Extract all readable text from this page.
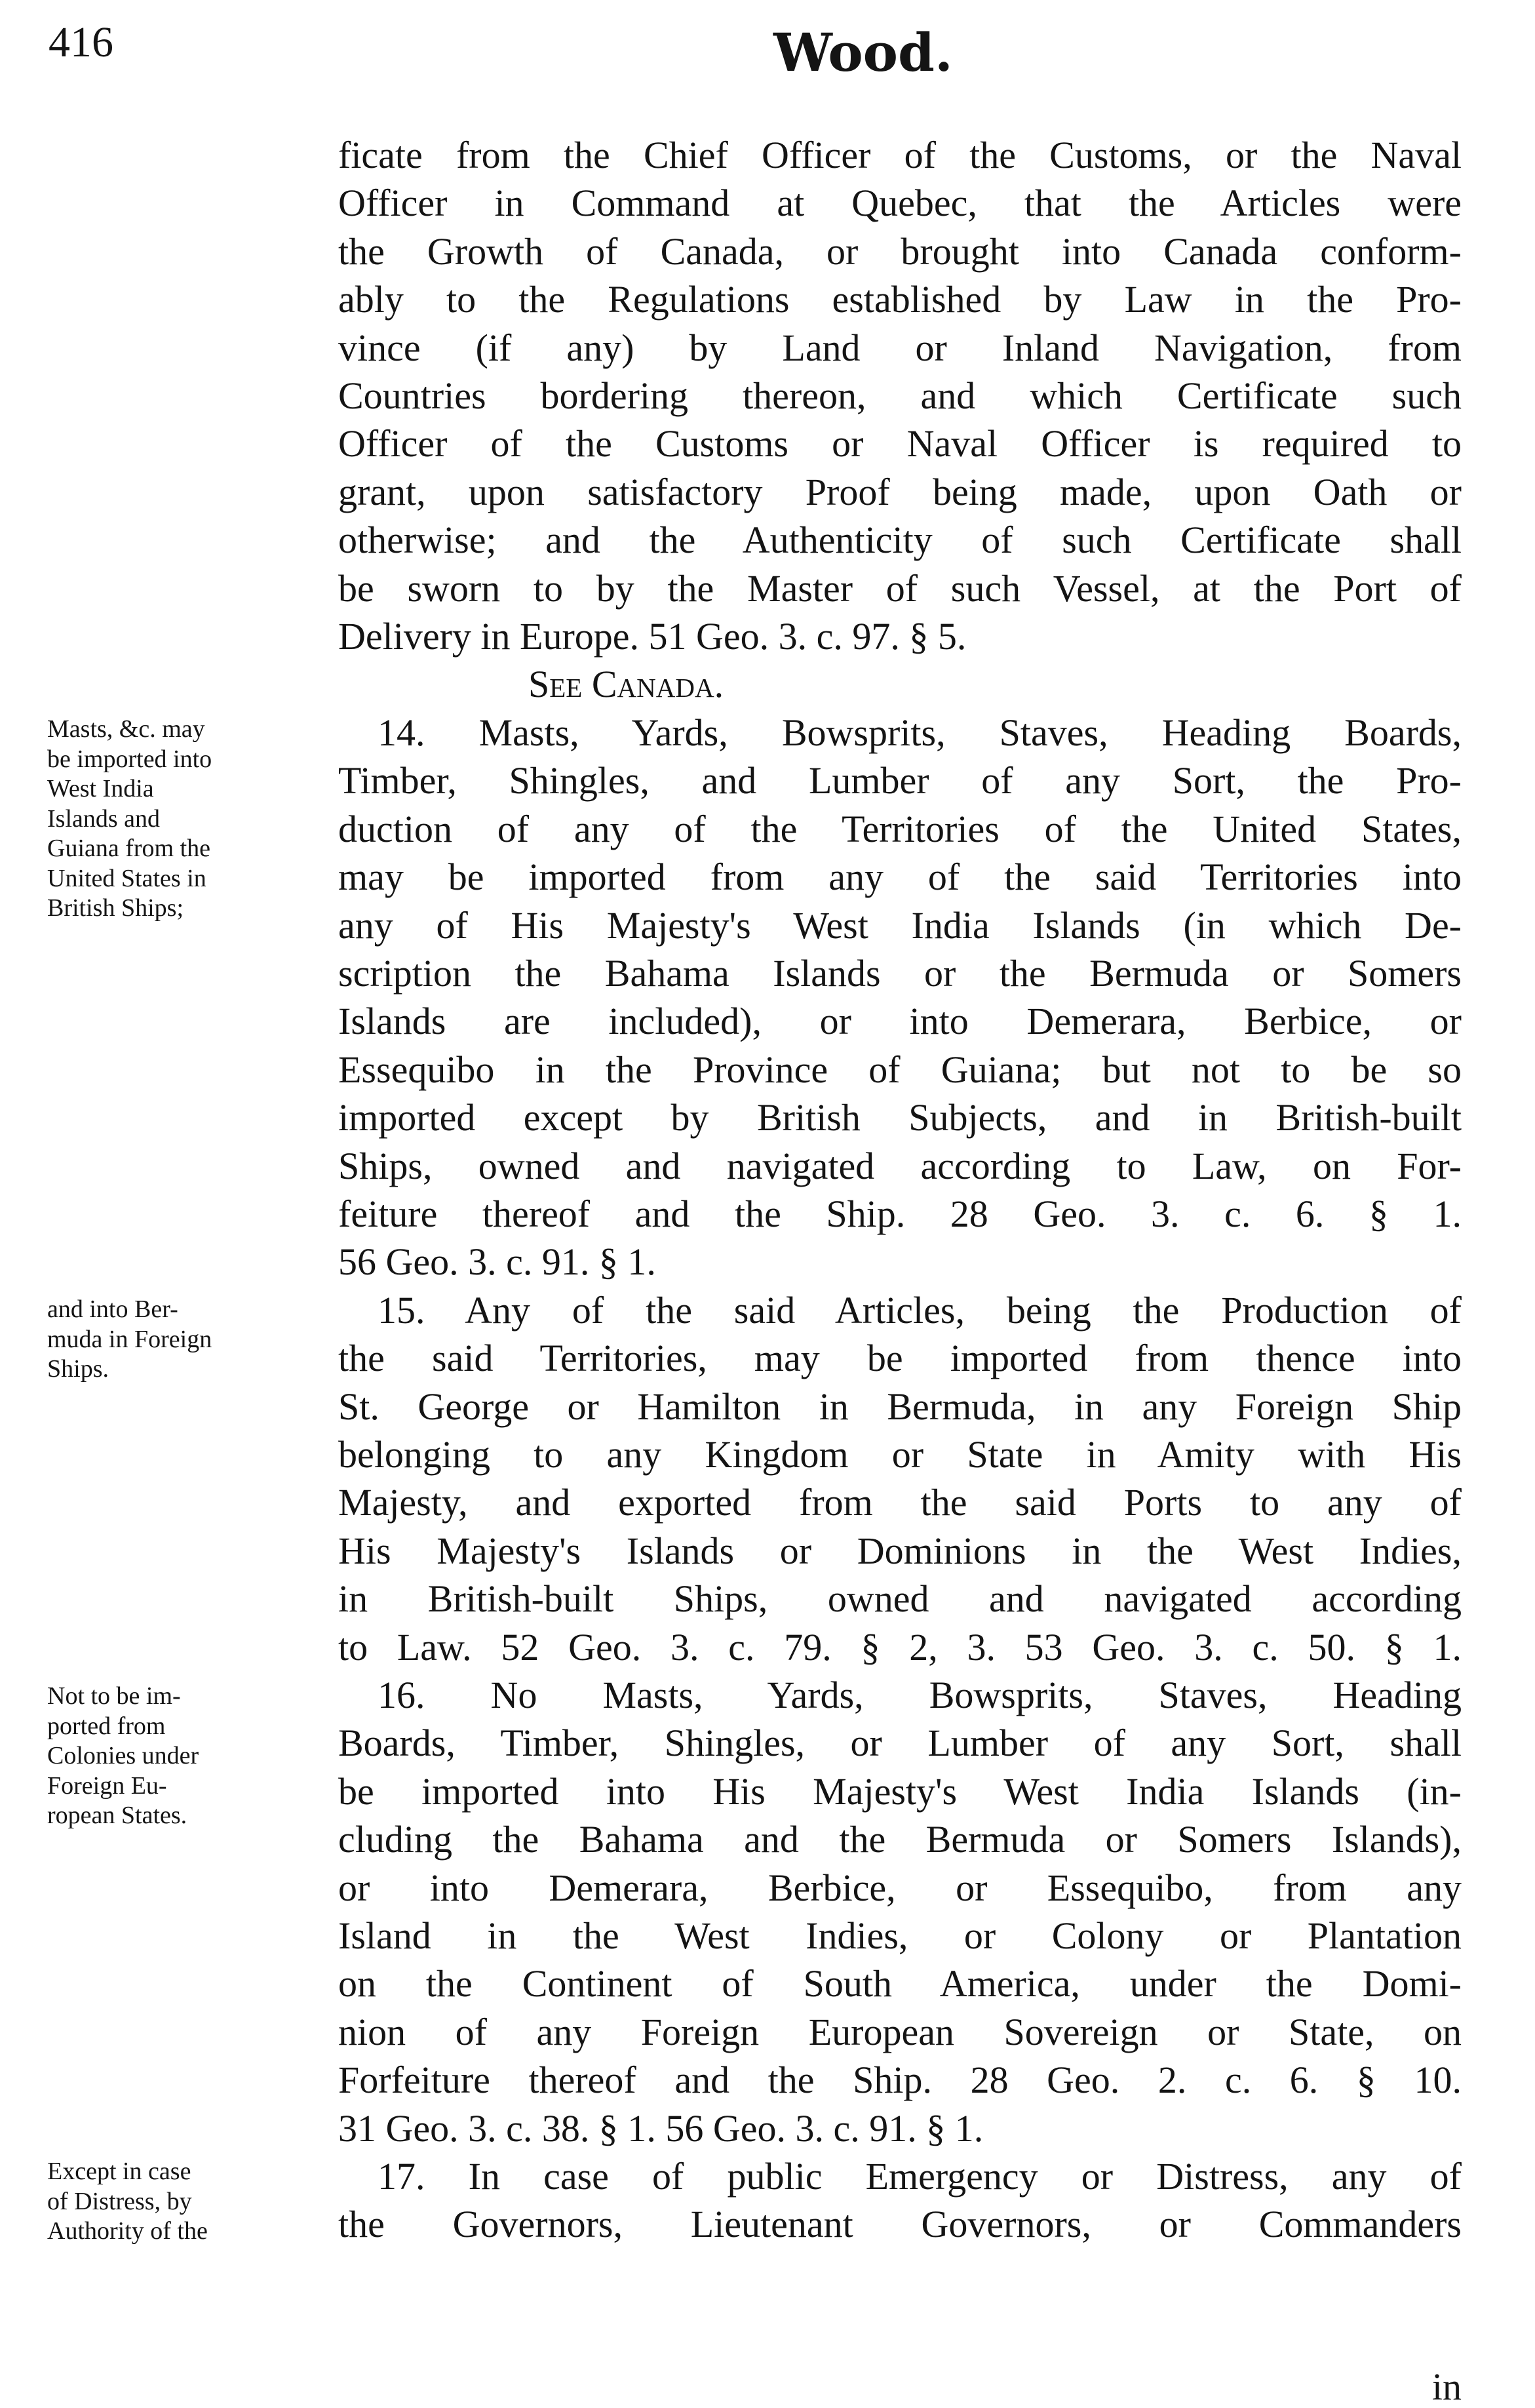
416	Wood.
ficate from the Chief Officer of the Customs, or the Naval
Officer in Command at Quebec, that the Articles were
the Growth of Canada, or brought into Canada conform-
ably to the Regulations established by Law in the Pro-
vince (if any) by Land or Inland Navigation, from
Countries bordering thereon, and which Certificate such
Officer of the Customs or Naval Officer is required to
grant, upon satisfactory Proof being made, upon Oath or
otherwise; and the Authenticity of such Certificate shall
be sworn to by the Master of such Vessel, at the Port of
Delivery in Europe. 51 Geo. 3. c. 97. § 5.
See Canada.
14. Masts, Yards, Bowsprits, Staves, Heading Boards,
Timber, Shingles, and Lumber of any Sort, the Pro-
duction of any of the Territories of the United States,
may be imported from any of the said Territories into
any of His Majesty's West India Islands (in which De-
scription the Bahama Islands or the Bermuda or Somers
Islands are included), or into Demerara, Berbice, or
Essequibo in the Province of Guiana; but not to be so
imported except by British Subjects, and in British-built
Ships, owned and navigated according to Law, on For-
feiture thereof and the Ship. 28 Geo. 3. c. 6. § 1.
56 Geo. 3. c. 91. § 1.
15. Any of the said Articles, being the Production of
the said Territories, may be imported from thence into
St. George or Hamilton in Bermuda, in any Foreign Ship
belonging to any Kingdom or State in Amity with His
Majesty, and exported from the said Ports to any of
His Majesty's Islands or Dominions in the West Indies,
in British-built Ships, owned and navigated according
to Law. 52 Geo. 3. c. 79. § 2, 3. 53 Geo. 3. c. 50. § 1.
16. No Masts, Yards, Bowsprits, Staves, Heading
Boards, Timber, Shingles, or Lumber of any Sort, shall
be imported into His Majesty's West India Islands (in-
cluding the Bahama and the Bermuda or Somers Islands),
or into Demerara, Berbice, or Essequibo, from any
Island in the West Indies, or Colony or Plantation
on the Continent of South America, under the Domi-
nion of any Foreign European Sovereign or State, on
Forfeiture thereof and the Ship. 28 Geo. 2. c. 6. § 10.
31 Geo. 3. c. 38. § 1. 56 Geo. 3. c. 91. § 1.
17. In case of public Emergency or Distress, any of
the Governors, Lieutenant Governors, or Commanders
Masts, &c. may
be imported into
West India
Islands and
Guiana from the
United States in
British Ships;
and into Ber-
muda in Foreign
Ships.
Not to be im-
ported from
Colonies under
Foreign Eu-
ropean States.
Except in case
of Distress, by
Authority of the
in
